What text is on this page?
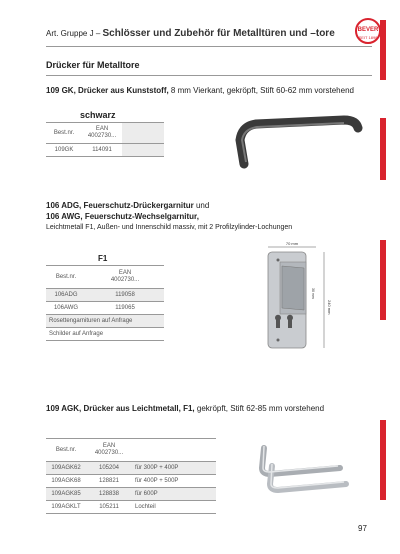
Art. Gruppe J – Schlösser und Zubehör für Metalltüren und –tore	BEVER
SEIT 1898
Drücker für Metalltore
109 GK, Drücker aus Kunststoff, 8 mm Vierkant, gekröpft, Stift 60-62 mm vorstehend
schwarz
Best.nr.	EAN
4002730...	

109GK	114091	
106 ADG, Feuerschutz-Drückergarnitur und
106 AWG, Feuerschutz-Wechselgarnitur,
Leichtmetall F1, Außen- und Innenschild massiv, mit 2 Profilzylinder-Lochungen
F1
Best.nr.	EAN
4002730...

106ADG	119058
106AWG	119065
Rosettengarnituren auf Anfrage	
Schilder auf Anfrage	
70 mm
240 mm
30 mm
109 AGK, Drücker aus Leichtmetall, F1, gekröpft, Stift 62-85 mm vorstehend
Best.nr.	EAN
4002730...	

109AGK62	105204	für 300P + 400P
109AGK68	128821	für 400P + 500P
109AGK85	128838	für 600P
109AGKLT	105211	Lochteil
97
